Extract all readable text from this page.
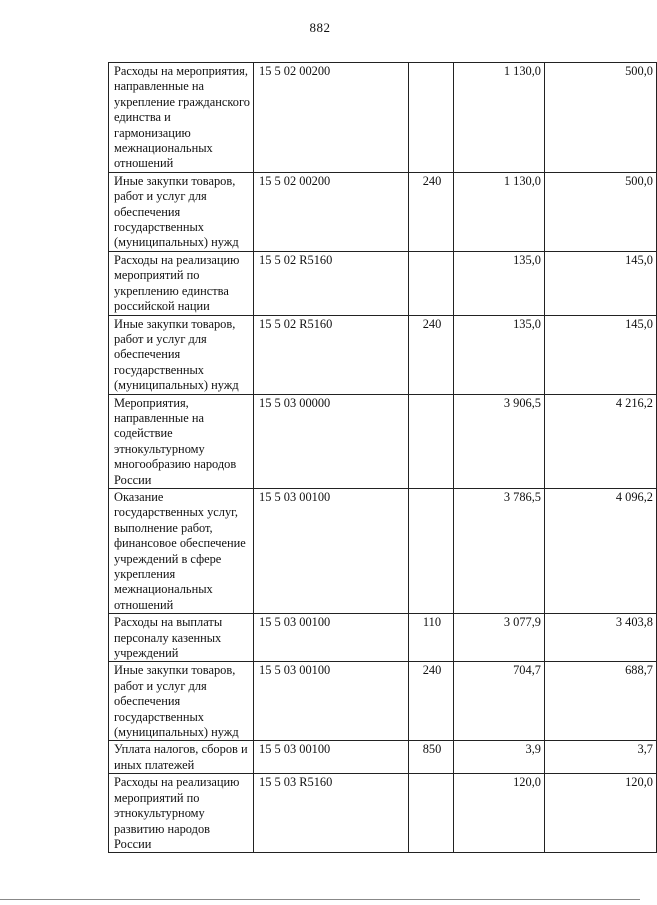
882
Расходы на мероприятия, направленные на укрепление гражданского единства и гармонизацию межнациональных отношений	15 5 02 00200		1 130,0	500,0
Иные закупки товаров, работ и услуг для обеспечения государственных (муниципальных) нужд	15 5 02 00200	240	1 130,0	500,0
Расходы на реализацию мероприятий по укреплению единства российской нации	15 5 02 R5160		135,0	145,0
Иные закупки товаров, работ и услуг для обеспечения государственных (муниципальных) нужд	15 5 02 R5160	240	135,0	145,0
Мероприятия, направленные на содействие этнокультурному многообразию народов России	15 5 03 00000		3 906,5	4 216,2
Оказание государственных услуг, выполнение работ, финансовое обеспечение учреждений в сфере укрепления межнациональных отношений	15 5 03 00100		3 786,5	4 096,2
Расходы на выплаты персоналу казенных учреждений	15 5 03 00100	110	3 077,9	3 403,8
Иные закупки товаров, работ и услуг для обеспечения государственных (муниципальных) нужд	15 5 03 00100	240	704,7	688,7
Уплата налогов, сборов и иных платежей	15 5 03 00100	850	3,9	3,7
Расходы на реализацию мероприятий по этнокультурному развитию народов России	15 5 03 R5160		120,0	120,0
